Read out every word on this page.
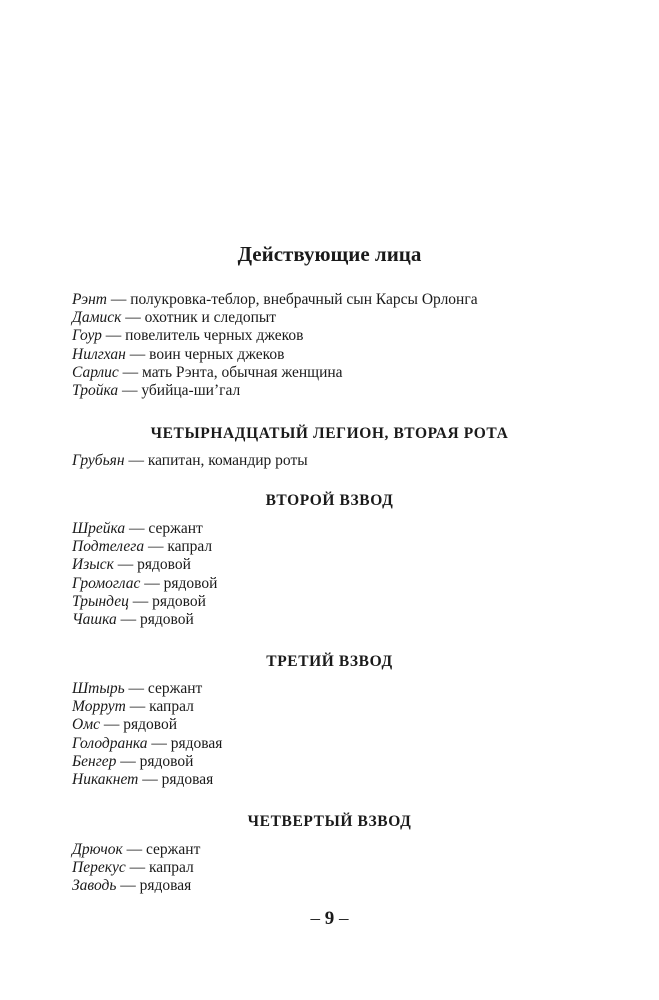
Действующие лица
Рэнт — полукровка-теблор, внебрачный сын Карсы Орлонга
Дамиск — охотник и следопыт
Гоур — повелитель черных джеков
Нилгхан — воин черных джеков
Сарлис — мать Рэнта, обычная женщина
Тройка — убийца-ши’гал
ЧЕТЫРНАДЦАТЫЙ ЛЕГИОН, ВТОРАЯ РОТА
Грубьян — капитан, командир роты
ВТОРОЙ ВЗВОД
Шрейка — сержант
Подтелега — капрал
Изыск — рядовой
Громоглас — рядовой
Трындец — рядовой
Чашка — рядовой
ТРЕТИЙ ВЗВОД
Штырь — сержант
Моррут — капрал
Омс — рядовой
Голодранка — рядовая
Бенгер — рядовой
Никакнет — рядовая
ЧЕТВЕРТЫЙ ВЗВОД
Дрючок — сержант
Перекус — капрал
Заводь — рядовая
– 9 –
